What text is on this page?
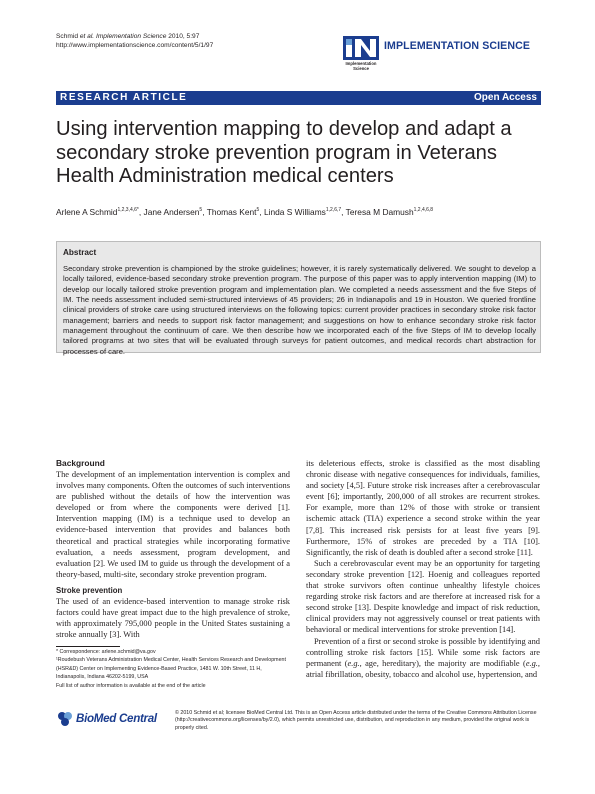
Schmid et al. Implementation Science 2010, 5:97
http://www.implementationscience.com/content/5/1/97	IMPLEMENTATION SCIENCE
Implementation Science
RESEARCH ARTICLE	Open Access
Using intervention mapping to develop and adapt a secondary stroke prevention program in Veterans Health Administration medical centers
Arlene A Schmid$^{1,2,3,4,6*}$, Jane Andersen$^5$, Thomas Kent$^5$, Linda S Williams$^{1,2,6,7}$, Teresa M Damush$^{1,2,4,6,8}$
Abstract
Secondary stroke prevention is championed by the stroke guidelines; however, it is rarely systematically delivered. We sought to develop a locally tailored, evidence-based secondary stroke prevention program. The purpose of this paper was to apply intervention mapping (IM) to develop our locally tailored stroke prevention program and implementation plan. We completed a needs assessment and the five Steps of IM. The needs assessment included semi-structured interviews of 45 providers; 26 in Indianapolis and 19 in Houston. We queried frontline clinical providers of stroke care using structured interviews on the following topics: current provider practices in secondary stroke risk factor management; barriers and needs to support risk factor management; and suggestions on how to enhance secondary stroke risk factor management throughout the continuum of care. We then describe how we incorporated each of the five Steps of IM to develop locally tailored programs at two sites that will be evaluated through surveys for patient outcomes, and medical records chart abstraction for processes of care.
Background

The development of an implementation intervention is complex and involves many components. Often the outcomes of such interventions are published without the details of how the intervention was developed or from where the components were derived [1]. Intervention mapping (IM) is a technique used to develop an evidence-based intervention that provides and balances both theoretical and practical strategies while incorporating formative evaluation, a needs assessment, program development, and evaluation [2]. We used IM to guide us through the development of a theory-based, multi-site, secondary stroke prevention program.

Stroke prevention

The used of an evidence-based intervention to manage stroke risk factors could have great impact due to the high prevalence of stroke, with approximately 795,000 people in the United States sustaining a stroke annually [3]. With

its deleterious effects, stroke is classified as the most disabling chronic disease with negative consequences for individuals, families, and society [4,5]. Future stroke risk increases after a cerebrovascular event [6]; importantly, 200,000 of all strokes are recurrent strokes. For example, more than 12% of those with stroke or transient ischemic attack (TIA) experience a second stroke within the year [7,8]. This increased risk persists for at least five years [9]. Furthermore, 15% of strokes are preceded by a TIA [10]. Significantly, the risk of death is doubled after a second stroke [11].

Such a cerebrovascular event may be an opportunity for targeting secondary stroke prevention [12]. Hoenig and colleagues reported that stroke survivors often continue unhealthy lifestyle choices regarding stroke risk factors and are therefore at increased risk for a second stroke [13]. Despite knowledge and impact of risk reduction, clinical providers may not aggressively counsel or treat patients with behavioral or medical interventions for stroke prevention [14].

Prevention of a first or second stroke is possible by identifying and controlling stroke risk factors [15]. While some risk factors are permanent (e.g., age, hereditary), the majority are modifiable (e.g., atrial fibrillation, obesity, tobacco and alcohol use, hypertension, and

* Correspondence: arlene.schmid@va.gov
¹Roudebush Veterans Administration Medical Center, Health Services Research and Development (HSR&D) Center on Implementing Evidence-Based Practice, 1481 W. 10th Street, 11 H, Indianapolis, Indiana 46202-5199, USA
Full list of author information is available at the end of the article
BioMed Central	© 2010 Schmid et al; licensee BioMed Central Ltd. This is an Open Access article distributed under the terms of the Creative Commons Attribution License (http://creativecommons.org/licenses/by/2.0), which permits unrestricted use, distribution, and reproduction in any medium, provided the original work is properly cited.
